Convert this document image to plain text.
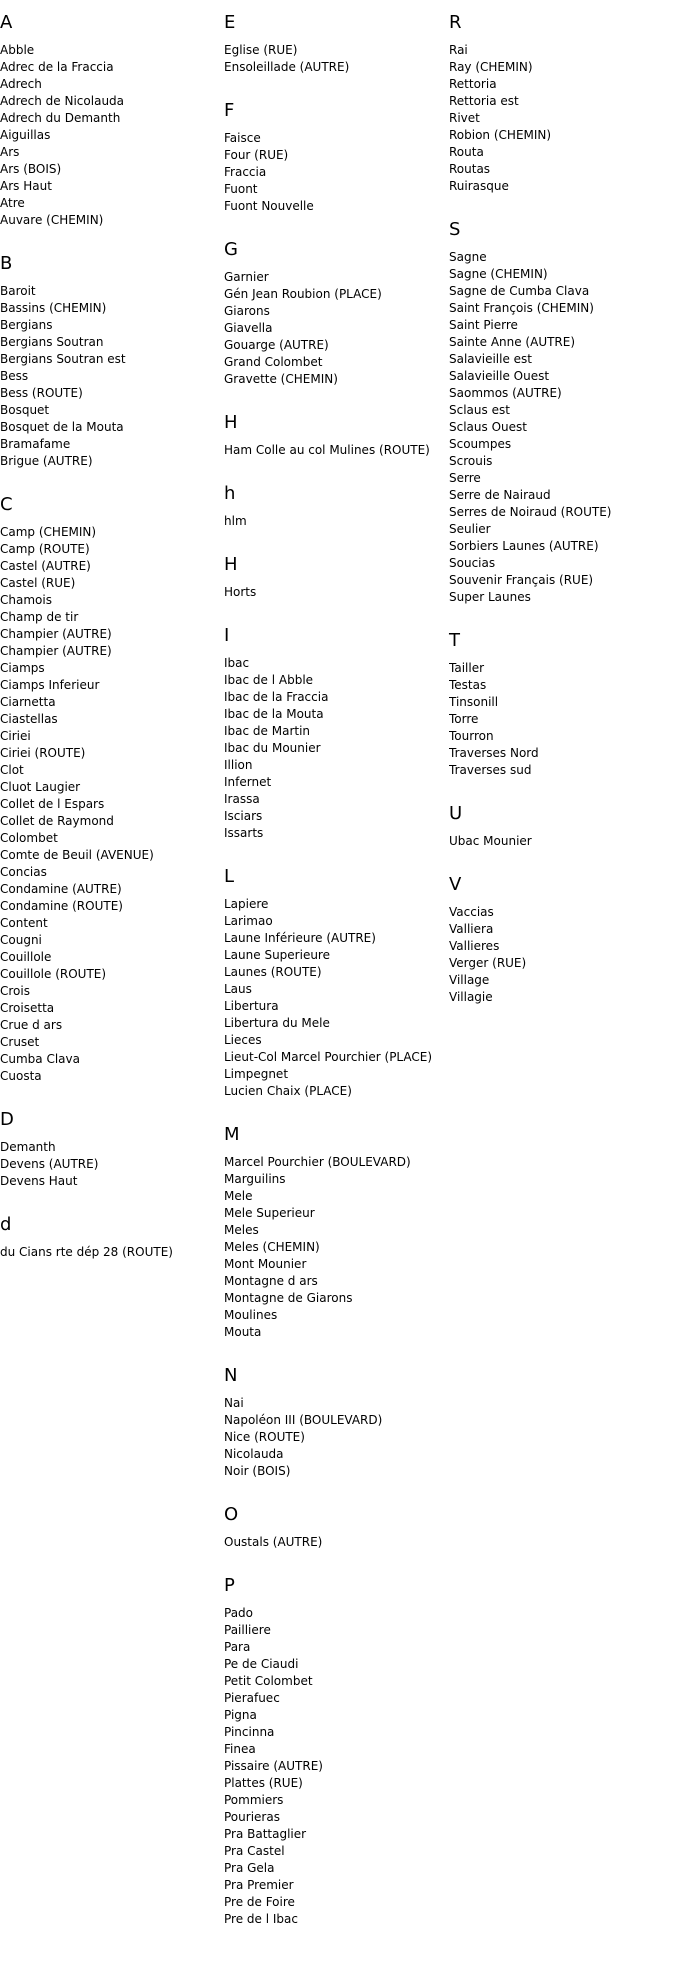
A
Abble
Adrec de la Fraccia
Adrech
Adrech de Nicolauda
Adrech du Demanth
Aiguillas
Ars
Ars (BOIS)
Ars Haut
Atre
Auvare (CHEMIN)
B
Baroit
Bassins (CHEMIN)
Bergians
Bergians Soutran
Bergians Soutran est
Bess
Bess (ROUTE)
Bosquet
Bosquet de la Mouta
Bramafame
Brigue (AUTRE)
C
Camp (CHEMIN)
Camp (ROUTE)
Castel (AUTRE)
Castel (RUE)
Chamois
Champ de tir
Champier (AUTRE)
Champier (AUTRE)
Ciamps
Ciamps Inferieur
Ciarnetta
Ciastellas
Ciriei
Ciriei (ROUTE)
Clot
Cluot Laugier
Collet de l Espars
Collet de Raymond
Colombet
Comte de Beuil (AVENUE)
Concias
Condamine (AUTRE)
Condamine (ROUTE)
Content
Cougni
Couillole
Couillole (ROUTE)
Crois
Croisetta
Crue d ars
Cruset
Cumba Clava
Cuosta
D
Demanth
Devens (AUTRE)
Devens Haut
d
du Cians rte dép 28 (ROUTE)
E
Eglise (RUE)
Ensoleillade (AUTRE)
F
Faisce
Four (RUE)
Fraccia
Fuont
Fuont Nouvelle
G
Garnier
Gén Jean Roubion (PLACE)
Giarons
Giavella
Gouarge (AUTRE)
Grand Colombet
Gravette (CHEMIN)
H
Ham Colle au col Mulines (ROUTE)
h
hlm
H
Horts
I
Ibac
Ibac de l Abble
Ibac de la Fraccia
Ibac de la Mouta
Ibac de Martin
Ibac du Mounier
Illion
Infernet
Irassa
Isciars
Issarts
L
Lapiere
Larimao
Laune Inférieure (AUTRE)
Laune Superieure
Launes (ROUTE)
Laus
Libertura
Libertura du Mele
Lieces
Lieut-Col Marcel Pourchier (PLACE)
Limpegnet
Lucien Chaix (PLACE)
M
Marcel Pourchier (BOULEVARD)
Marguilins
Mele
Mele Superieur
Meles
Meles (CHEMIN)
Mont Mounier
Montagne d ars
Montagne de Giarons
Moulines
Mouta
N
Nai
Napoléon III (BOULEVARD)
Nice (ROUTE)
Nicolauda
Noir (BOIS)
O
Oustals (AUTRE)
P
Pado
Pailliere
Para
Pe de Ciaudi
Petit Colombet
Pierafuec
Pigna
Pincinna
Finea
Pissaire (AUTRE)
Plattes (RUE)
Pommiers
Pourieras
Pra Battaglier
Pra Castel
Pra Gela
Pra Premier
Pre de Foire
Pre de l Ibac
R
Rai
Ray (CHEMIN)
Rettoria
Rettoria est
Rivet
Robion (CHEMIN)
Routa
Routas
Ruirasque
S
Sagne
Sagne (CHEMIN)
Sagne de Cumba Clava
Saint François (CHEMIN)
Saint Pierre
Sainte Anne (AUTRE)
Salavieille est
Salavieille Ouest
Saommos (AUTRE)
Sclaus est
Sclaus Ouest
Scoumpes
Scrouis
Serre
Serre de Nairaud
Serres de Noiraud (ROUTE)
Seulier
Sorbiers Launes (AUTRE)
Soucias
Souvenir Français (RUE)
Super Launes
T
Tailler
Testas
Tinsonill
Torre
Tourron
Traverses Nord
Traverses sud
U
Ubac Mounier
V
Vaccias
Valliera
Vallieres
Verger (RUE)
Village
Villagie
